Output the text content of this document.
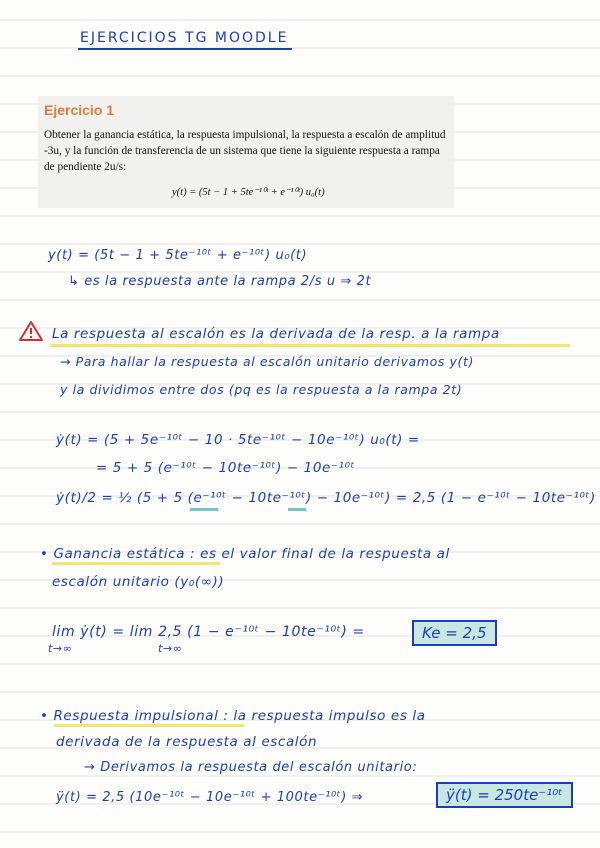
EJERCICIOS TG MOODLE
Ejercicio 1
Obtener la ganancia estática, la respuesta impulsional, la respuesta a escalón de amplitud -3u, y la función de transferencia de un sistema que tiene la siguiente respuesta a rampa de pendiente 2u/s:
y(t) = (5t − 1 + 5te⁻¹⁰ᵗ + e⁻¹⁰ᵗ) u₀(t)
y(t) = (5t − 1 + 5te⁻¹⁰ᵗ + e⁻¹⁰ᵗ) u₀(t)
↳ es la respuesta ante la rampa 2/s u ⇒ 2t
La respuesta al escalón es la derivada de la resp. a la rampa
→ Para hallar la respuesta al escalón unitario derivamos y(t)
y la dividimos entre dos (pq es la respuesta a la rampa 2t)
ẏ(t) = (5 + 5e⁻¹⁰ᵗ − 10 · 5te⁻¹⁰ᵗ − 10e⁻¹⁰ᵗ) u₀(t) =
= 5 + 5 (e⁻¹⁰ᵗ − 10te⁻¹⁰ᵗ) − 10e⁻¹⁰ᵗ
ẏ(t)/2 = ½ (5 + 5 (e⁻¹⁰ᵗ − 10te⁻¹⁰ᵗ) − 10e⁻¹⁰ᵗ) = 2,5 (1 − e⁻¹⁰ᵗ − 10te⁻¹⁰ᵗ)
• Ganancia estática : es el valor final de la respuesta al
escalón unitario (y₀(∞))
lim ẏ(t) = lim 2,5 (1 − e⁻¹⁰ᵗ − 10te⁻¹⁰ᵗ) =
t→∞	t→∞
Ke = 2,5
• Respuesta impulsional : la respuesta impulso es la
derivada de la respuesta al escalón
→ Derivamos la respuesta del escalón unitario:
ÿ(t) = 2,5 (10e⁻¹⁰ᵗ − 10e⁻¹⁰ᵗ + 100te⁻¹⁰ᵗ) ⇒	ÿ(t) = 250te⁻¹⁰ᵗ
